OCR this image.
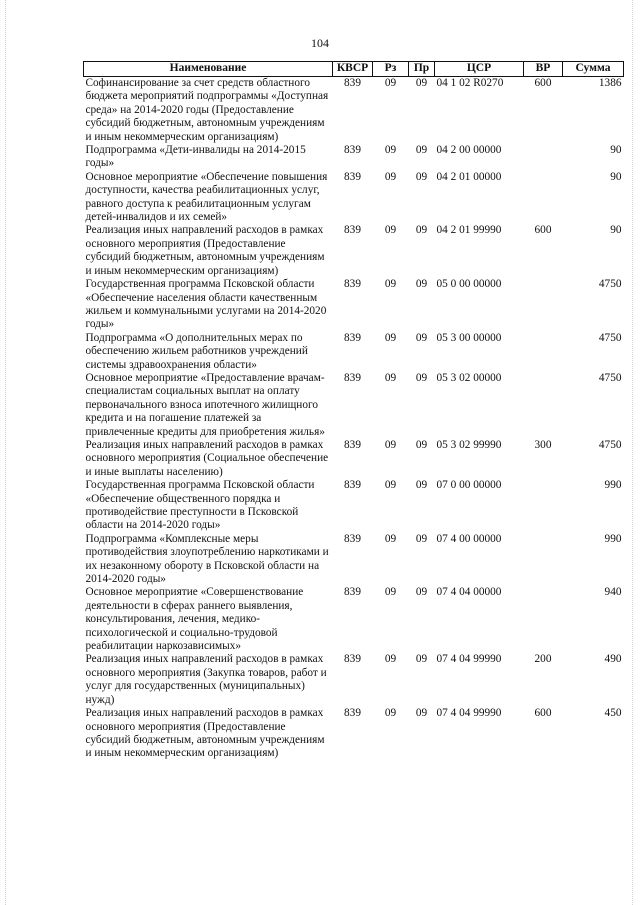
104
Наименование	КВСР	Рз	Пр	ЦСР	ВР	Сумма
Софинансирование за счет средств областного бюджета мероприятий подпрограммы «Доступная среда» на 2014-2020 годы (Предоставление субсидий бюджетным, автономным учреждениям и иным некоммерческим организациям)	839	09	09	04 1 02 R0270	600	1386
Подпрограмма «Дети-инвалиды на 2014-2015 годы»	839	09	09	04 2 00 00000		90
Основное мероприятие «Обеспечение повышения доступности, качества реабилитационных услуг, равного доступа к реабилитационным услугам детей-инвалидов и их семей»	839	09	09	04 2 01 00000		90
Реализация иных направлений расходов в рамках основного мероприятия (Предоставление субсидий бюджетным, автономным учреждениям и иным некоммерческим организациям)	839	09	09	04 2 01 99990	600	90
Государственная программа Псковской области «Обеспечение населения области качественным жильем и коммунальными услугами на 2014-2020 годы»	839	09	09	05 0 00 00000		4750
Подпрограмма «О дополнительных мерах по обеспечению жильем работников учреждений системы здравоохранения области»	839	09	09	05 3 00 00000		4750
Основное мероприятие «Предоставление врачам-специалистам социальных выплат на оплату первоначального взноса ипотечного жилищного кредита и на погашение платежей за привлеченные кредиты для приобретения жилья»	839	09	09	05 3 02 00000		4750
Реализация иных направлений расходов в рамках основного мероприятия (Социальное обеспечение и иные выплаты населению)	839	09	09	05 3 02 99990	300	4750
Государственная программа Псковской области «Обеспечение общественного порядка и противодействие преступности в Псковской области на 2014-2020 годы»	839	09	09	07 0 00 00000		990
Подпрограмма «Комплексные меры противодействия злоупотреблению наркотиками и их незаконному обороту в Псковской области на 2014-2020 годы»	839	09	09	07 4 00 00000		990
Основное мероприятие «Совершенствование деятельности в сферах раннего выявления, консультирования, лечения, медико-психологической и социально-трудовой реабилитации наркозависимых»	839	09	09	07 4 04 00000		940
Реализация иных направлений расходов в рамках основного мероприятия (Закупка товаров, работ и услуг для государственных (муниципальных) нужд)	839	09	09	07 4 04 99990	200	490
Реализация иных направлений расходов в рамках основного мероприятия (Предоставление субсидий бюджетным, автономным учреждениям и иным некоммерческим организациям)	839	09	09	07 4 04 99990	600	450
